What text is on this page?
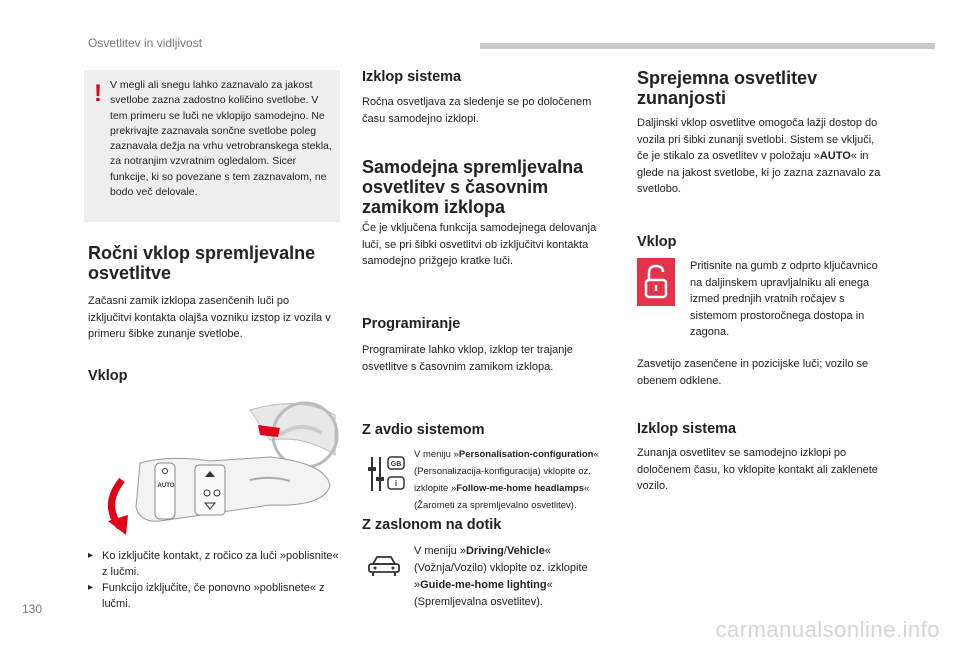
Osvetlitev in vidljivost
! V megli ali snegu lahko zaznavalo za jakost svetlobe zazna zadostno količino svetlobe. V tem primeru se luči ne vklopijo samodejno. Ne prekrivajte zaznavala sončne svetlobe poleg zaznavala dežja na vrhu vetrobranskega stekla, za notranjim vzvratnim ogledalom. Sicer funkcije, ki so povezane s tem zaznavalom, ne bodo več delovale.
Ročni vklop spremljevalne osvetlitve

Začasni zamik izklopa zasenčenih luči po izključitvi kontakta olajša vozniku izstop iz vozila v primeru šibke zunanje svetlobe.

Vklop
AUTO
▸ Ko izključite kontakt, z ročico za luči »poblisnite« z lučmi.
▸ Funkcijo izključite, če ponovno »poblisnete« z lučmi.
Izklop sistema

Ročna osvetljava za sledenje se po določenem času samodejno izklopi.

Samodejna spremljevalna osvetlitev s časovnim zamikom izklopa

Če je vključena funkcija samodejnega delovanja luči, se pri šibki osvetlitvi ob izključitvi kontakta samodejno prižgejo kratke luči.

Programiranje

Programirate lahko vklop, izklop ter trajanje osvetlitve s časovnim zamikom izklopa.

Z avdio sistemom
GB
i
V meniju »Personalisation-configuration« (Personalizacija-konfiguracija) vklopite oz. izklopite »Follow-me-home headlamps« (Žarometi za spremljevalno osvetlitev).
Z zaslonom na dotik
V meniju »Driving/Vehicle« (Vožnja/Vozilo) vklopite oz. izklopite »Guide-me-home lighting« (Spremljevalna osvetlitev).
Sprejemna osvetlitev zunanjosti

Daljinski vklop osvetlitve omogoča lažji dostop do vozila pri šibki zunanji svetlobi. Sistem se vključi, če je stikalo za osvetlitev v položaju »AUTO« in glede na jakost svetlobe, ki jo zazna zaznavalo za svetlobo.

Vklop

Pritisnite na gumb z odprto ključavnico na daljinskem upravljalniku ali enega izmed prednjih vratnih ročajev s sistemom prostoročnega dostopa in zagona.

Zasvetijo zasenčene in pozicijske luči; vozilo se obenem odklene.

Izklop sistema

Zunanja osvetlitev se samodejno izklopi po določenem času, ko vklopite kontakt ali zaklenete vozilo.

130
carmanualsonline.info
